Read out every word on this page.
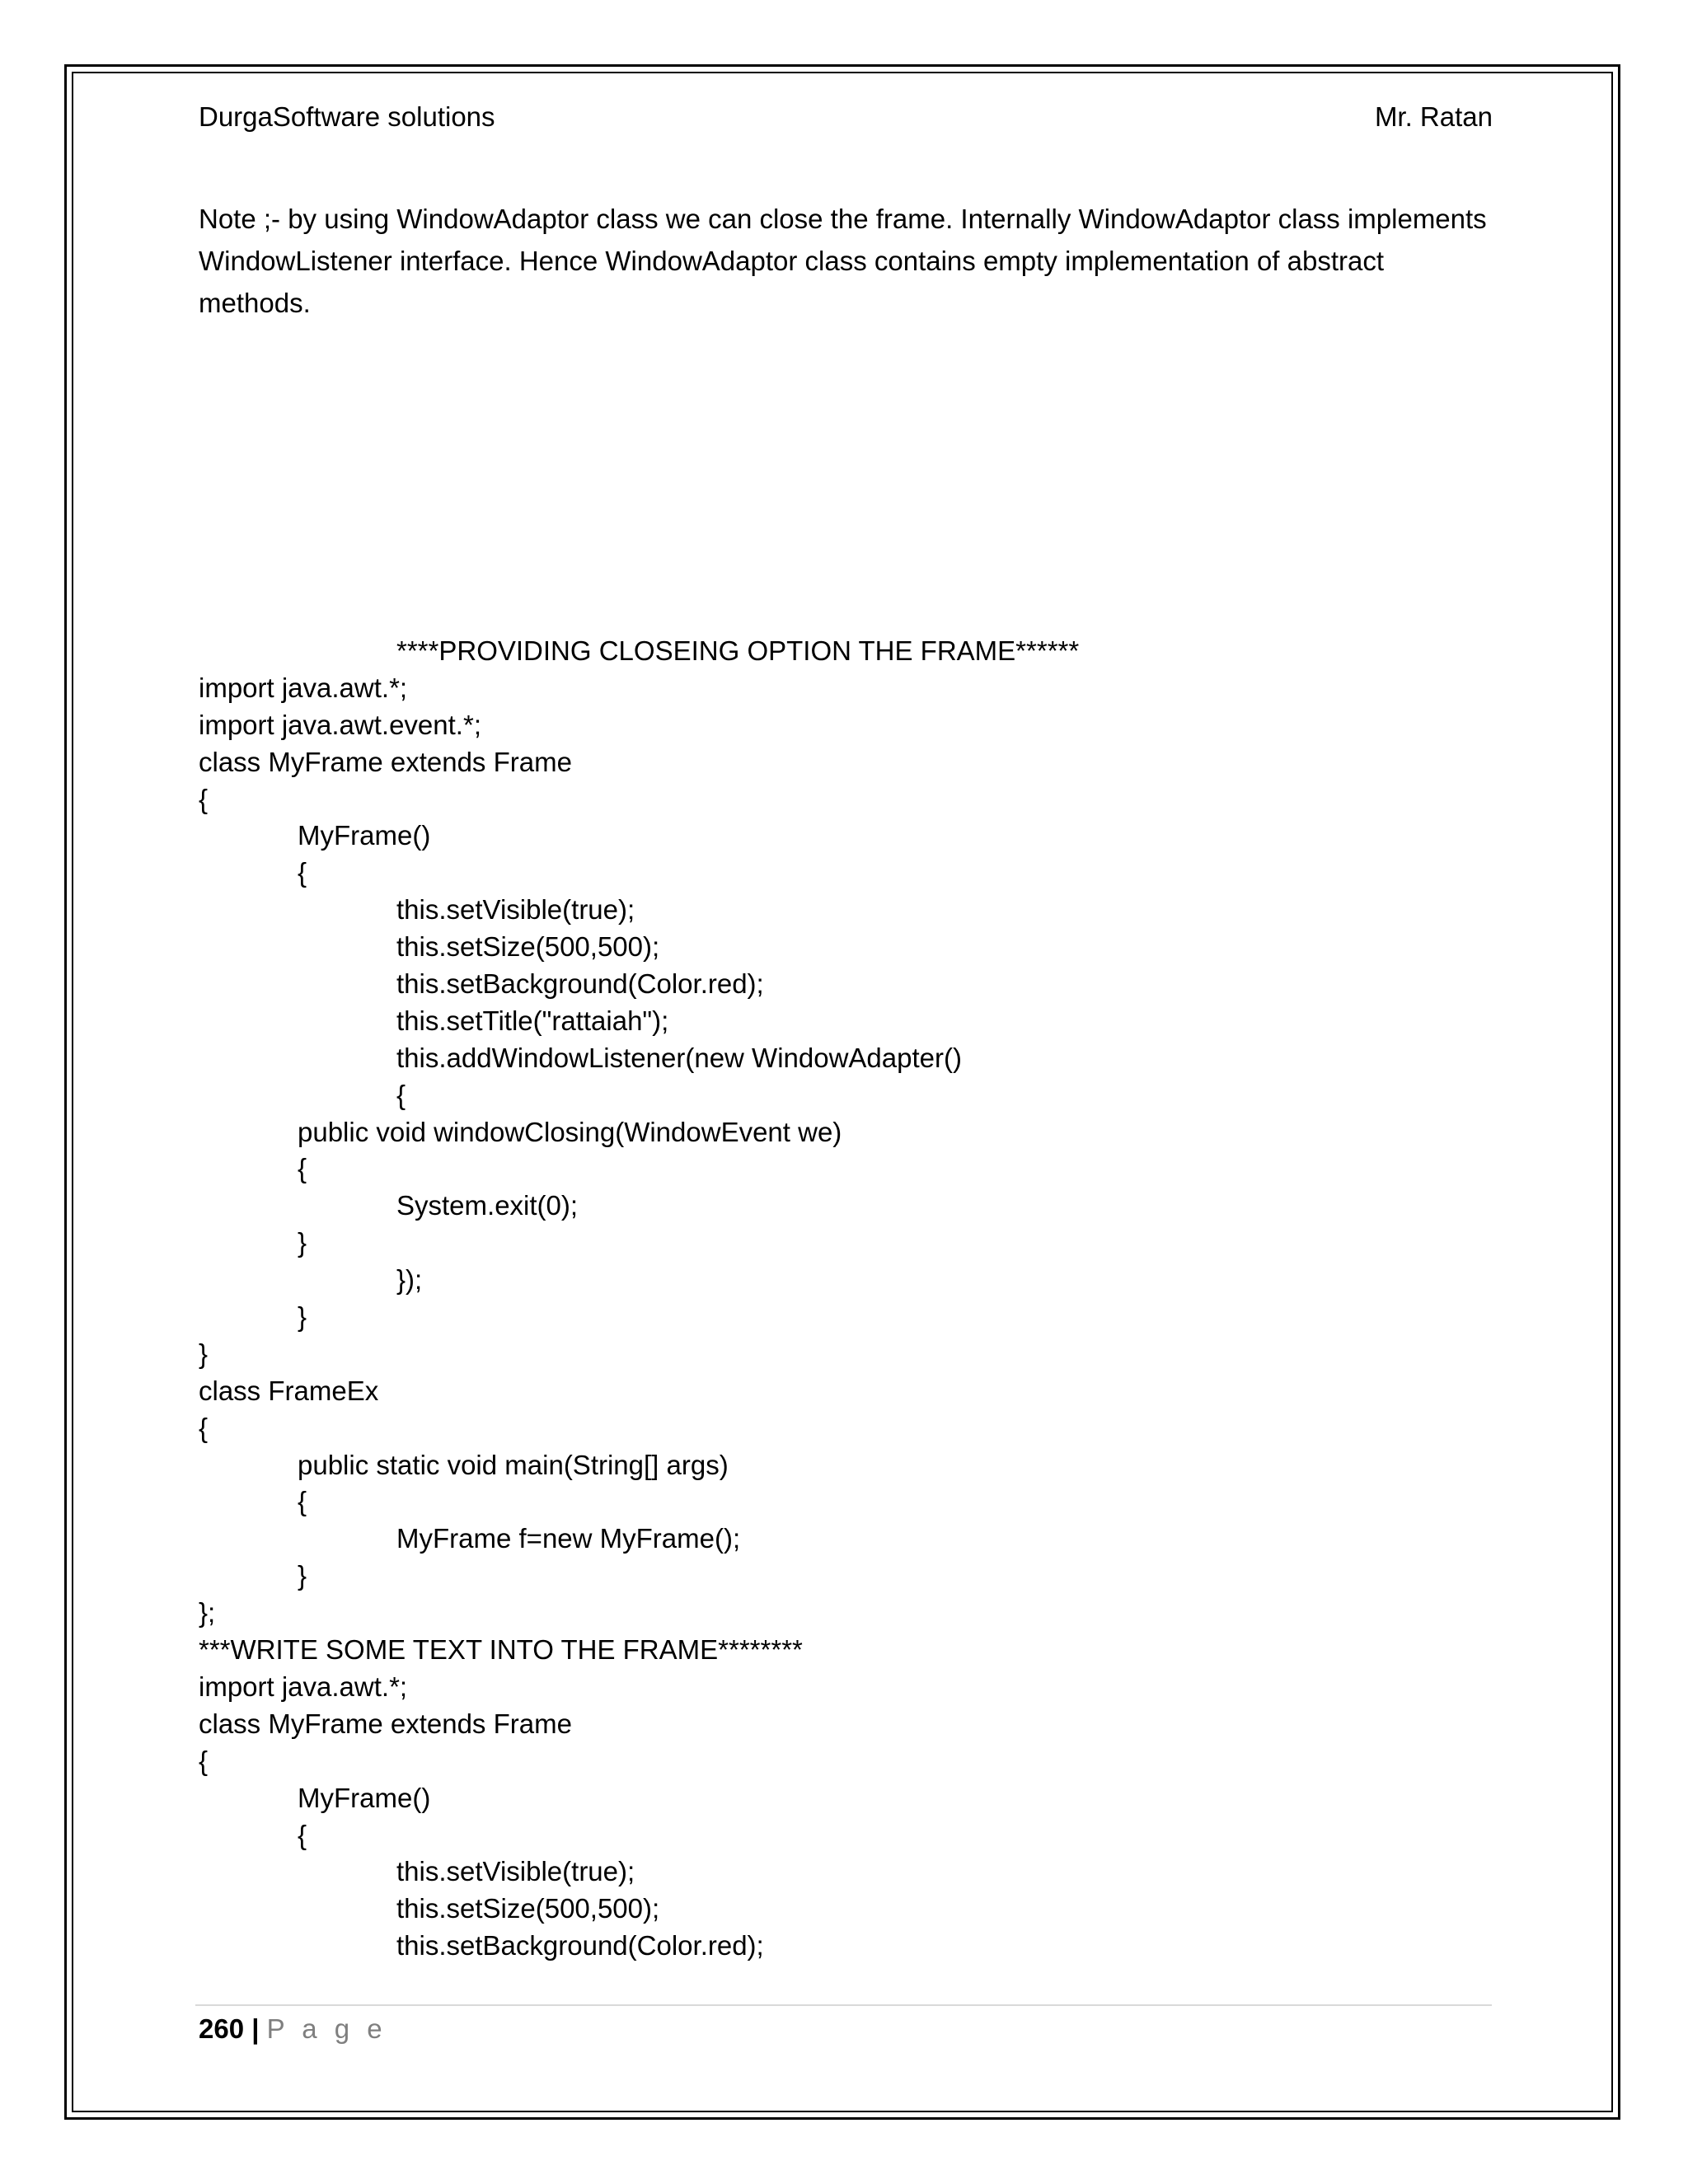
DurgaSoftware solutions	Mr. Ratan

Note ;- by using WindowAdaptor class we can close the frame. Internally WindowAdaptor class implements WindowListener interface. Hence WindowAdaptor class contains empty implementation of abstract methods.

****PROVIDING CLOSEING OPTION THE FRAME******
import java.awt.*;
import java.awt.event.*;
class MyFrame extends Frame
{
MyFrame()
{
this.setVisible(true);
this.setSize(500,500);
this.setBackground(Color.red);
this.setTitle("rattaiah");
this.addWindowListener(new WindowAdapter()
{
public void windowClosing(WindowEvent we)
{
System.exit(0);
}
});
}
}
class FrameEx
{
public static void main(String[] args)
{
MyFrame f=new MyFrame();
}
};
***WRITE SOME TEXT INTO THE FRAME********
import java.awt.*;
class MyFrame extends Frame
{
MyFrame()
{
this.setVisible(true);
this.setSize(500,500);
this.setBackground(Color.red);
260 | P a g e
